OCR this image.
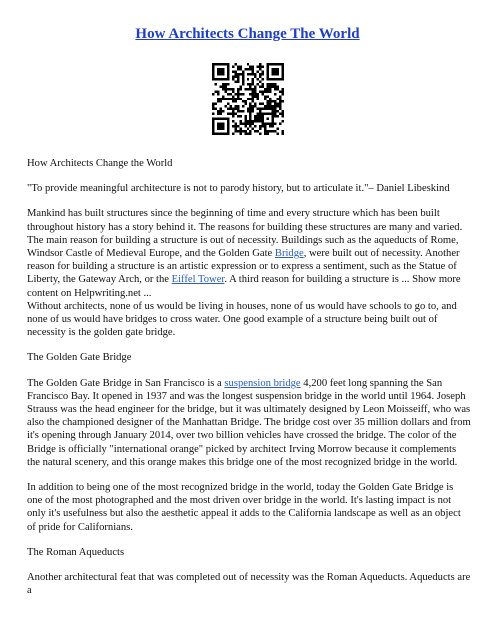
How Architects Change The World

How Architects Change the World

"To provide meaningful architecture is not to parody history, but to articulate it."– Daniel Libeskind

Mankind has built structures since the beginning of time and every structure which has been built throughout history has a story behind it. The reasons for building these structures are many and varied. The main reason for building a structure is out of necessity. Buildings such as the aqueducts of Rome, Windsor Castle of Medieval Europe, and the Golden Gate Bridge, were built out of necessity. Another reason for building a structure is an artistic expression or to express a sentiment, such as the Statue of Liberty, the Gateway Arch, or the Eiffel Tower. A third reason for building a structure is ... Show more content on Helpwriting.net ...

Without architects, none of us would be living in houses, none of us would have schools to go to, and none of us would have bridges to cross water. One good example of a structure being built out of necessity is the golden gate bridge.

The Golden Gate Bridge

The Golden Gate Bridge in San Francisco is a suspension bridge 4,200 feet long spanning the San Francisco Bay. It opened in 1937 and was the longest suspension bridge in the world until 1964. Joseph Strauss was the head engineer for the bridge, but it was ultimately designed by Leon Moisseiff, who was also the championed designer of the Manhattan Bridge. The bridge cost over 35 million dollars and from it's opening through January 2014, over two billion vehicles have crossed the bridge. The color of the Bridge is officially "international orange" picked by architect Irving Morrow because it complements the natural scenery, and this orange makes this bridge one of the most recognized bridge in the world.

In addition to being one of the most recognized bridge in the world, today the Golden Gate Bridge is one of the most photographed and the most driven over bridge in the world. It's lasting impact is not only it's usefulness but also the aesthetic appeal it adds to the California landscape as well as an object of pride for Californians.

The Roman Aqueducts

Another architectural feat that was completed out of necessity was the Roman Aqueducts. Aqueducts are a
